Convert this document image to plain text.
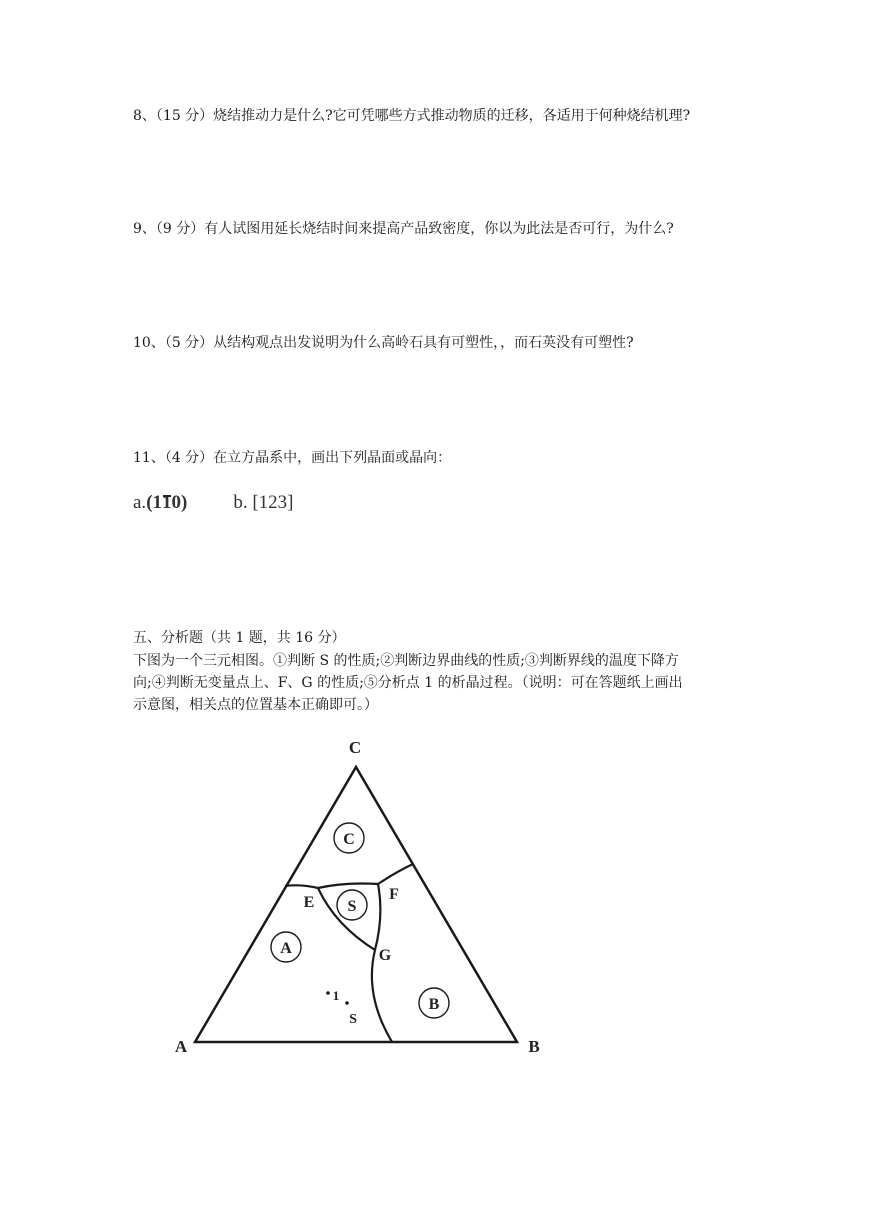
8、（15 分）烧结推动力是什么?它可凭哪些方式推动物质的迁移，各适用于何种烧结机理?
9、（9 分）有人试图用延长烧结时间来提高产品致密度，你以为此法是否可行，为什么?
10、（5 分）从结构观点出发说明为什么高岭石具有可塑性，，而石英没有可塑性?
11、（4 分）在立方晶系中，画出下列晶面或晶向：
a.(110) b. [123]
五、分析题（共 1 题，共 16 分）
下图为一个三元相图。①判断 S 的性质;②判断边界曲线的性质;③判断界线的温度下降方
向;④判断无变量点上、F、G 的性质;⑤分析点 1 的析晶过程。（说明：可在答题纸上画出
示意图，相关点的位置基本正确即可。）
C
S
A
B
C
A	B
E	F
G
1
S
